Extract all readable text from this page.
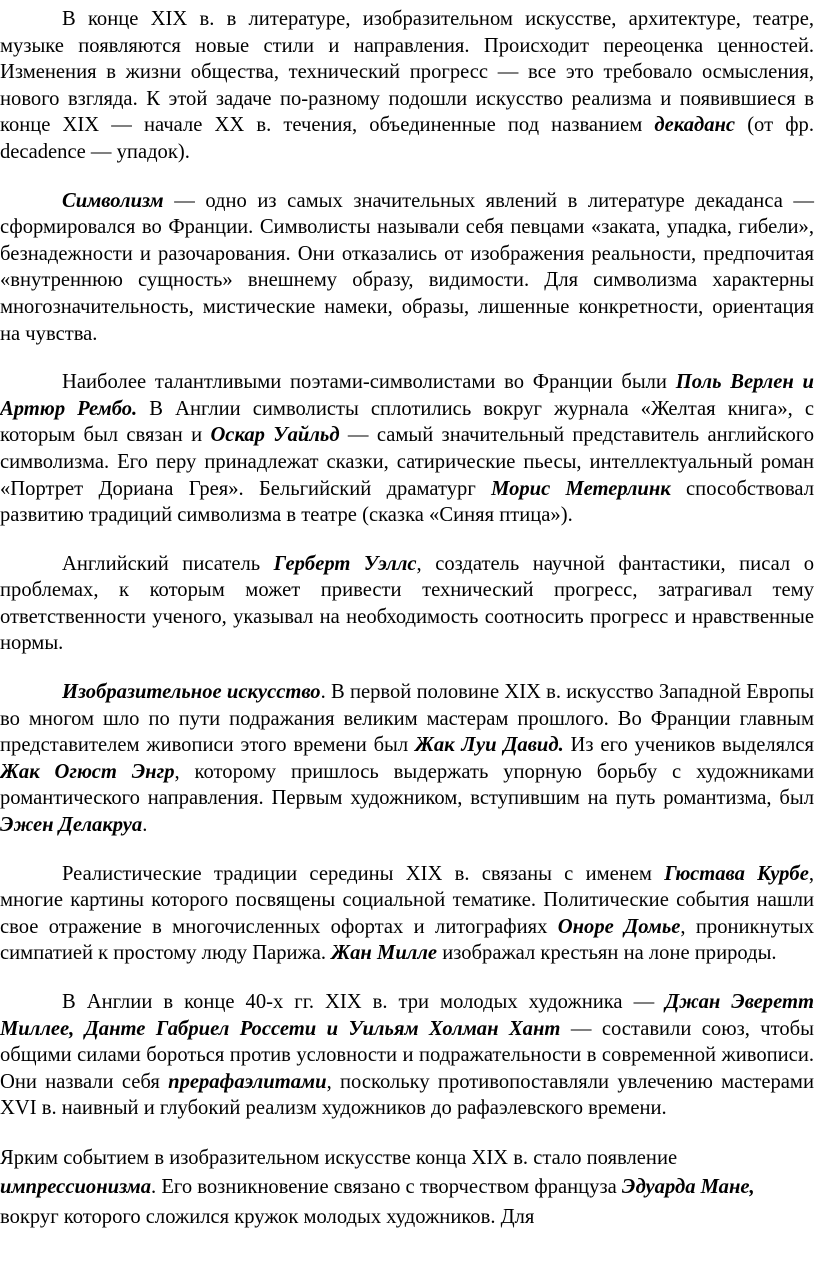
В конце XIX в. в литературе, изобразительном искусстве, архитектуре, театре, музыке появляются новые стили и направления. Происходит переоценка ценностей. Изменения в жизни общества, технический прогресс — все это требовало осмысления, нового взгляда. К этой задаче по-разному подошли искусство реализма и появившиеся в конце XIX — начале XX в. течения, объединенные под названием декаданс (от фр. decadence — упадок).

Символизм — одно из самых значительных явлений в литературе декаданса — сформировался во Франции. Символисты называли себя певцами «заката, упадка, гибели», безнадежности и разочарования. Они отказались от изображения реальности, предпочитая «внутреннюю сущность» внешнему образу, видимости. Для символизма характерны многозначительность, мистические намеки, образы, лишенные конкретности, ориентация на чувства.

Наиболее талантливыми поэтами-символистами во Франции были Поль Верлен и Артюр Рембо. В Англии символисты сплотились вокруг журнала «Желтая книга», с которым был связан и Оскар Уайльд — самый значительный представитель английского символизма. Его перу принадлежат сказки, сатирические пьесы, интеллектуальный роман «Портрет Дориана Грея». Бельгийский драматург Морис Метерлинк способствовал развитию традиций символизма в театре (сказка «Синяя птица»).

Английский писатель Герберт Уэллс, создатель научной фантастики, писал о проблемах, к которым может привести технический прогресс, затрагивал тему ответственности ученого, указывал на необходимость соотносить прогресс и нравственные нормы.

Изобразительное искусство. В первой половине XIX в. искусство Западной Европы во многом шло по пути подражания великим мастерам прошлого. Во Франции главным представителем живописи этого времени был Жак Луи Давид. Из его учеников выделялся Жак Огюст Энгр, которому пришлось выдержать упорную борьбу с художниками романтического направления. Первым художником, вступившим на путь романтизма, был Эжен Делакруа.

Реалистические традиции середины XIX в. связаны с именем Гюстава Курбе, многие картины которого посвящены социальной тематике. Политические события нашли свое отражение в многочисленных офортах и литографиях Оноре Домье, проникнутых симпатией к простому люду Парижа. Жан Милле изображал крестьян на лоне природы.

В Англии в конце 40-х гг. XIX в. три молодых художника — Джан Эверетт Миллее, Данте Габриел Россети и Уильям Холман Хант — составили союз, чтобы общими силами бороться против условности и подражательности в современной живописи. Они назвали себя прерафаэлитами, поскольку противопоставляли увлечению мастерами XVI в. наивный и глубокий реализм художников до рафаэлевского времени.

Ярким событием в изобразительном искусстве конца XIX в. стало появление импрессионизма. Его возникновение связано с творчеством француза Эдуарда Мане, вокруг которого сложился кружок молодых художников. Для
